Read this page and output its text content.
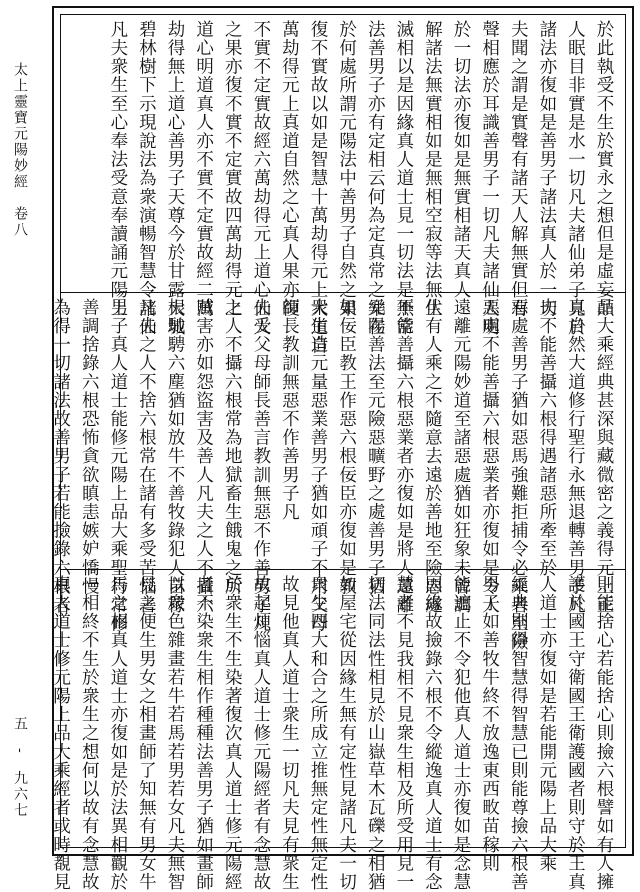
太上靈寶元陽妙經　卷八
五　-　九六七
於此執受不生於實永之想但是虛妄顛
人眠目非實是水一切凡夫諸仙弟子見於
諸法亦復如是善男子諸法真人於一切
夫聞之謂是實聲有諸天人解無實但有
聲相應於耳識善男子一切凡夫諸仙人明
於一切法亦復如是無實相諸天真人
解諸法無實相如是無相空寂等法無生
滅相以是因緣真人道士見一切法是無常
法善男子亦有定相云何為定真常之樂在
於何處所謂元陽法中善男子自然之果
復不實故以如是智慧十萬劫得元上大道自
萬劫得元上真道自然之心真人果亦復
不實不定實故經六萬劫得元上道心仙人
之果亦復不實不定實故四萬劫得元上
道心明道真人亦不實不定實故經二萬
劫得無上道心善男子天尊今於甘露大城
碧林樹下示現說法為衆演暢智慧令諸仙
凡夫衆生至心奉法受意奉讀誦元陽上
品大乘經典甚深與藏微密之義得元上正
真自然大道修行聖行永無退轉善男子凡
夫不能善攝六根得遇諸惡所牽至於
惡處善男子猶如惡馬強難拒捕令必乘者至險
惡處不能善攝六根惡業者亦復如是令人
遠離元陽妙道至諸惡處猶如狂象未曾調
伏有人乘之不隨意去遠於善地至險惡處
不能善攝六根惡業者亦復如是將人遠離
元陽善法至元險惡曠野之處善男子猶
如佞臣教王作惡六根佞臣亦復如是教
衆生造元量惡業善男子猶如頑子不用父母
師長教訓無惡不作善男子凡
夫受父母師長善言教訓無惡不作善男子凡
之人不攝六根常為地獄畜生餓鬼之所
賊害亦如怨盜害及善人凡夫之人不攝六
根馳騁六塵猶如放牛不善牧錄犯人苗稼
凡夫之人不捨六根常在諸有多受苦惱善
男子真人道士能修元陽上品大乘聖行常修
善調捨錄六根恐怖貪欲瞋恚嫉妒憍慢
為得一切諸法故善男子若能撿錄六根者
則能捨心若能捨心則撿六根譬如有人擁
護於國王守衛國王衛護國者則守於王真
人道士亦復如是若能開元陽上品大乘
經典則得智慧得智慧已則能尊撿六根善
男子如善牧牛終不放逸東西畋苗稼則
能遮止不令犯他真人道士亦復如是念慧
因緣故撿錄六根不令縱逸真人道士有念
慧者不見我相不見衆生相及所受用見一
切法同法性相見於山嶽草木瓦礫之相猶
如屋宅從因緣生無有定性見諸凡夫一切
衆生四大和合之所成立推無定性無定性
故見他真人道士衆生一切凡夫見有衆生
故起煩惱真人道士修元陽經者有念慧故
於衆生不生染著復次真人道士修元陽經
者不染衆生相作種種法善男子猶如畫師
以衆色雜畫若牛若馬若男若女凡夫無智
見之便生男女之相畫師了知無有男女牛
馬之相真人道士亦復如是於法異相觀於
一相終不生於衆生之想何以故有念慧故
真人道士修元陽上品大乘經者或時覩見
